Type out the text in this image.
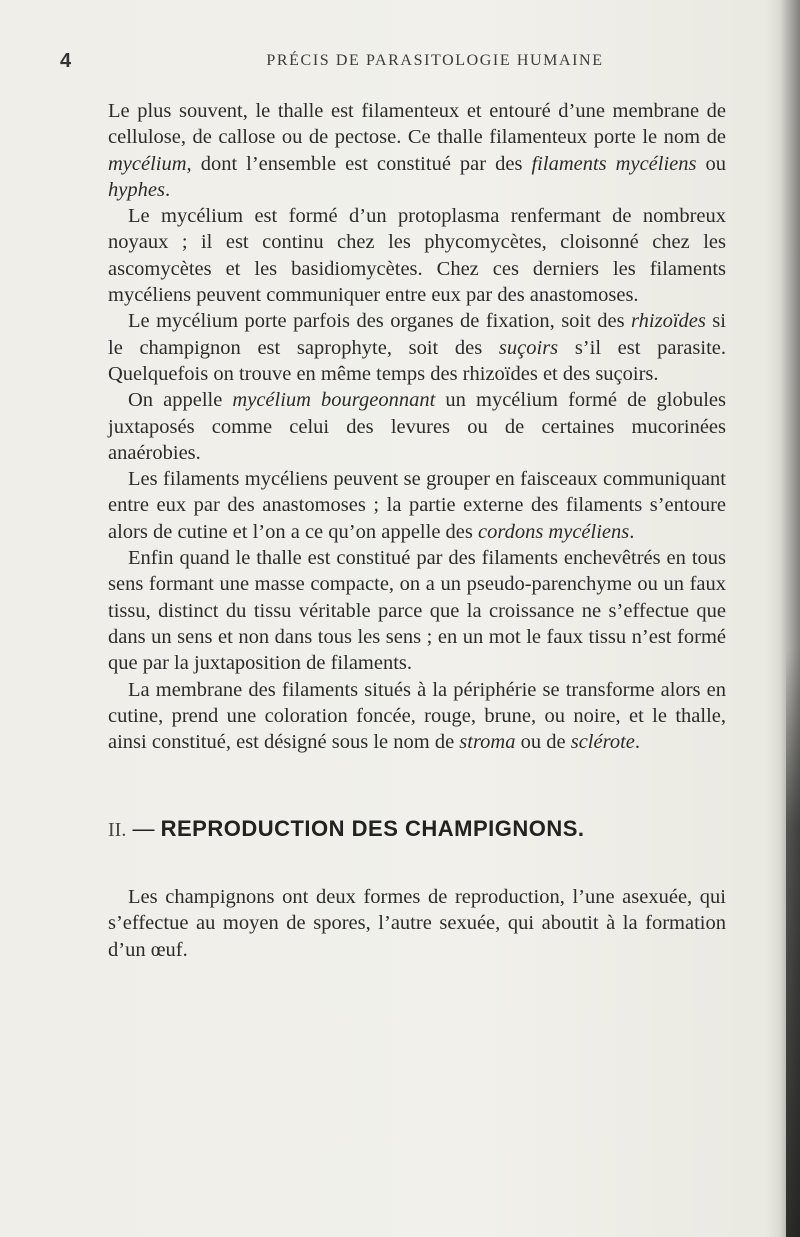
4	PRÉCIS DE PARASITOLOGIE HUMAINE

Le plus souvent, le thalle est filamenteux et entouré d’une membrane de cellulose, de callose ou de pectose. Ce thalle filamenteux porte le nom de mycélium, dont l’ensemble est constitué par des filaments mycéliens ou hyphes.

Le mycélium est formé d’un protoplasma renfermant de nombreux noyaux ; il est continu chez les phycomycètes, cloisonné chez les ascomycètes et les basidiomycètes. Chez ces derniers les filaments mycéliens peuvent communiquer entre eux par des anastomoses.

Le mycélium porte parfois des organes de fixation, soit des rhizoïdes si le champignon est saprophyte, soit des suçoirs s’il est parasite. Quelquefois on trouve en même temps des rhizoïdes et des suçoirs.

On appelle mycélium bourgeonnant un mycélium formé de globules juxtaposés comme celui des levures ou de certaines mucorinées anaérobies.

Les filaments mycéliens peuvent se grouper en faisceaux communiquant entre eux par des anastomoses ; la partie externe des filaments s’entoure alors de cutine et l’on a ce qu’on appelle des cordons mycéliens.

Enfin quand le thalle est constitué par des filaments enchevêtrés en tous sens formant une masse compacte, on a un pseudo-parenchyme ou un faux tissu, distinct du tissu véritable parce que la croissance ne s’effectue que dans un sens et non dans tous les sens ; en un mot le faux tissu n’est formé que par la juxtaposition de filaments.

La membrane des filaments situés à la périphérie se transforme alors en cutine, prend une coloration foncée, rouge, brune, ou noire, et le thalle, ainsi constitué, est désigné sous le nom de stroma ou de sclérote.

II. — REPRODUCTION DES CHAMPIGNONS.

Les champignons ont deux formes de reproduction, l’une asexuée, qui s’effectue au moyen de spores, l’autre sexuée, qui aboutit à la formation d’un œuf.
